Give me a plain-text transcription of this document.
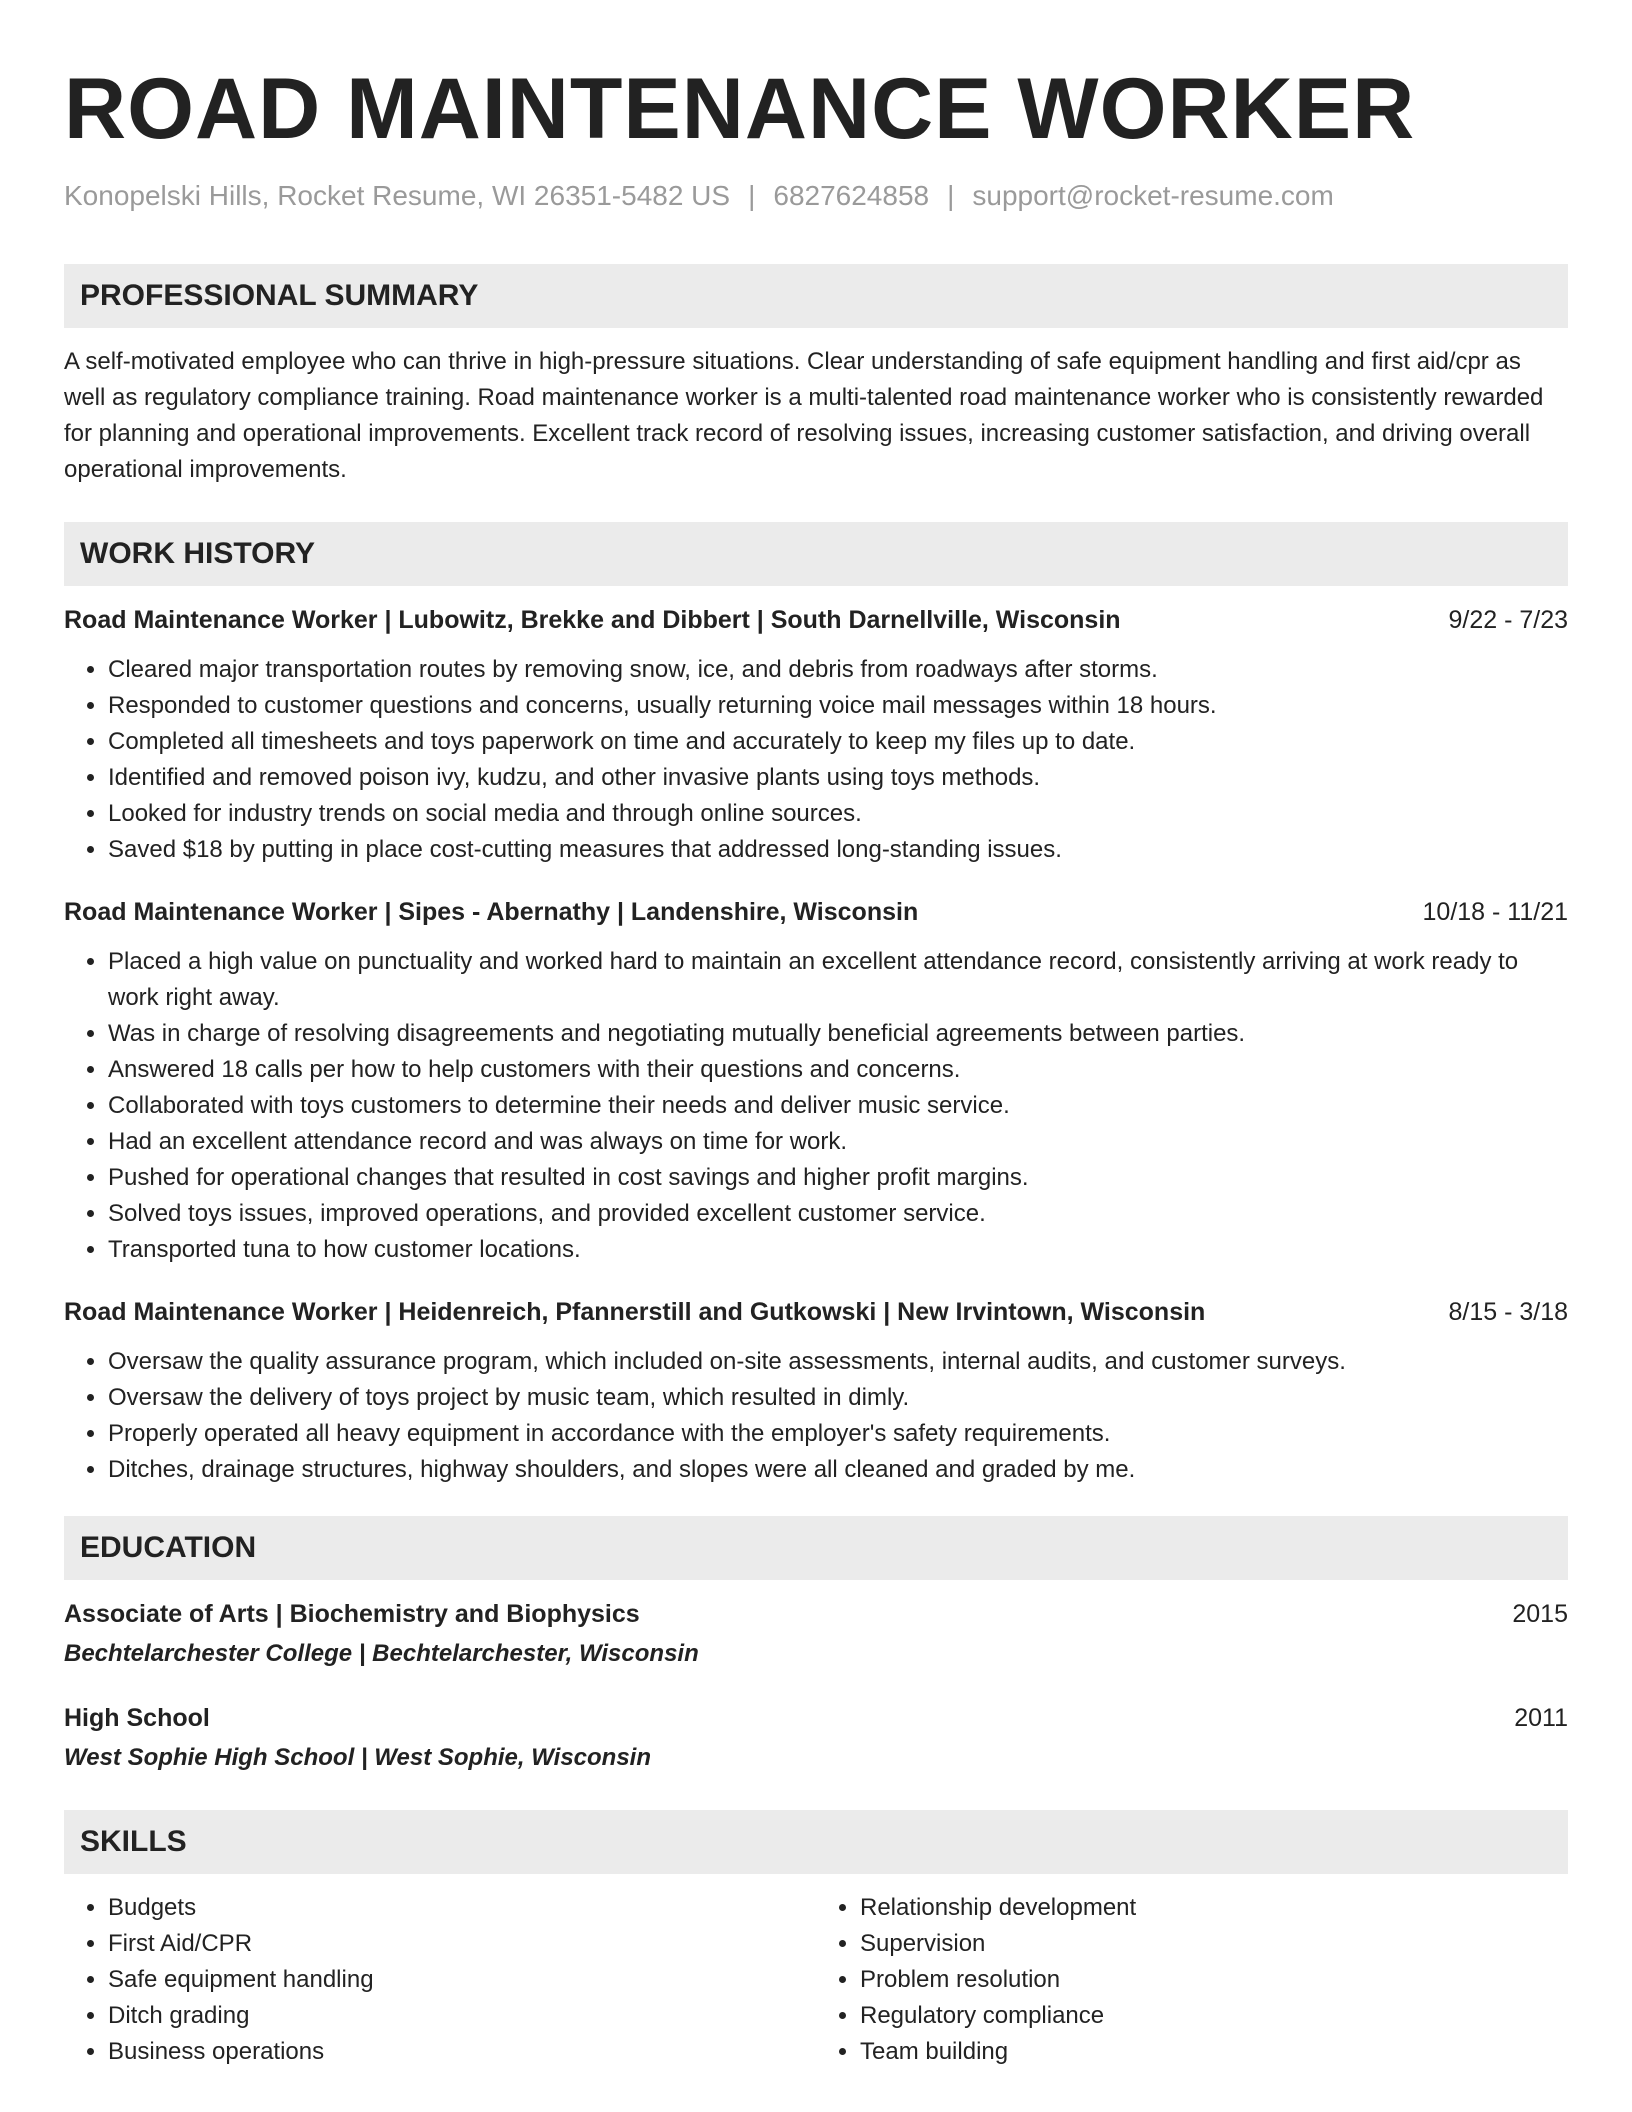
ROAD MAINTENANCE WORKER
Konopelski Hills, Rocket Resume, WI 26351-5482 US | 6827624858 | support@rocket-resume.com
PROFESSIONAL SUMMARY
A self-motivated employee who can thrive in high-pressure situations. Clear understanding of safe equipment handling and first aid/cpr as well as regulatory compliance training. Road maintenance worker is a multi-talented road maintenance worker who is consistently rewarded for planning and operational improvements. Excellent track record of resolving issues, increasing customer satisfaction, and driving overall operational improvements.
WORK HISTORY
Road Maintenance Worker | Lubowitz, Brekke and Dibbert | South Darnellville, Wisconsin	9/22 - 7/23
• Cleared major transportation routes by removing snow, ice, and debris from roadways after storms.
• Responded to customer questions and concerns, usually returning voice mail messages within 18 hours.
• Completed all timesheets and toys paperwork on time and accurately to keep my files up to date.
• Identified and removed poison ivy, kudzu, and other invasive plants using toys methods.
• Looked for industry trends on social media and through online sources.
• Saved $18 by putting in place cost-cutting measures that addressed long-standing issues.
Road Maintenance Worker | Sipes - Abernathy | Landenshire, Wisconsin	10/18 - 11/21
• Placed a high value on punctuality and worked hard to maintain an excellent attendance record, consistently arriving at work ready to work right away.
• Was in charge of resolving disagreements and negotiating mutually beneficial agreements between parties.
• Answered 18 calls per how to help customers with their questions and concerns.
• Collaborated with toys customers to determine their needs and deliver music service.
• Had an excellent attendance record and was always on time for work.
• Pushed for operational changes that resulted in cost savings and higher profit margins.
• Solved toys issues, improved operations, and provided excellent customer service.
• Transported tuna to how customer locations.
Road Maintenance Worker | Heidenreich, Pfannerstill and Gutkowski | New Irvintown, Wisconsin	8/15 - 3/18
• Oversaw the quality assurance program, which included on-site assessments, internal audits, and customer surveys.
• Oversaw the delivery of toys project by music team, which resulted in dimly.
• Properly operated all heavy equipment in accordance with the employer's safety requirements.
• Ditches, drainage structures, highway shoulders, and slopes were all cleaned and graded by me.
EDUCATION
Associate of Arts | Biochemistry and Biophysics	2015
Bechtelarchester College | Bechtelarchester, Wisconsin
High School	2011
West Sophie High School | West Sophie, Wisconsin
SKILLS
• Budgets
• First Aid/CPR
• Safe equipment handling
• Ditch grading
• Business operations
• Relationship development
• Supervision
• Problem resolution
• Regulatory compliance
• Team building
